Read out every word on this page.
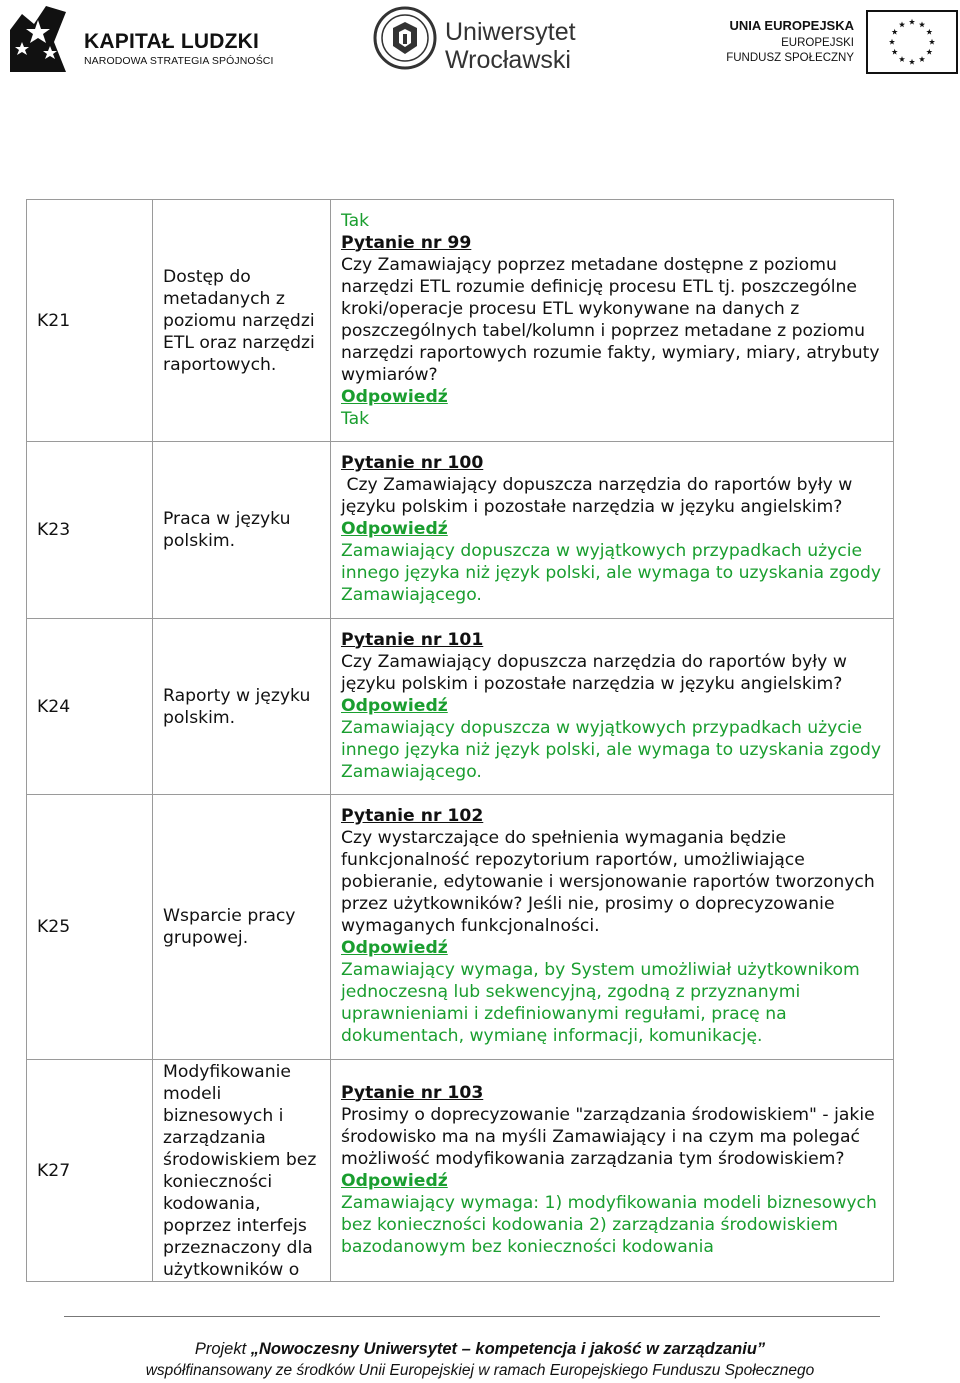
KAPITAŁ LUDZKI
NARODOWA STRATEGIA SPÓJNOŚCI
Uniwersytet
Wrocławski
UNIA EUROPEJSKA
EUROPEJSKI
FUNDUSZ SPOŁECZNY
K21	Dostęp do metadanych z poziomu narzędzi ETL oraz narzędzi raportowych.	Tak
Pytanie nr 99
Czy Zamawiający poprzez metadane dostępne z poziomu narzędzi ETL rozumie definicję procesu ETL tj. poszczególne kroki/operacje procesu ETL wykonywane na danych z poszczególnych tabel/kolumn i poprzez metadane z poziomu narzędzi raportowych rozumie fakty, wymiary, miary, atrybuty wymiarów?
Odpowiedź
Tak

K23	Praca w języku polskim.	Pytanie nr 100
Czy Zamawiający dopuszcza narzędzia do raportów były w języku polskim i pozostałe narzędzia w języku angielskim?
Odpowiedź
Zamawiający dopuszcza w wyjątkowych przypadkach użycie innego języka niż język polski, ale wymaga to uzyskania zgody Zamawiającego.

K24	Raporty w języku polskim.	Pytanie nr 101
Czy Zamawiający dopuszcza narzędzia do raportów były w języku polskim i pozostałe narzędzia w języku angielskim?
Odpowiedź
Zamawiający dopuszcza w wyjątkowych przypadkach użycie innego języka niż język polski, ale wymaga to uzyskania zgody Zamawiającego.

K25	Wsparcie pracy grupowej.	Pytanie nr 102
Czy wystarczające do spełnienia wymagania będzie funkcjonalność repozytorium raportów, umożliwiające pobieranie, edytowanie i wersjonowanie raportów tworzonych przez użytkowników? Jeśli nie, prosimy o doprecyzowanie wymaganych funkcjonalności.
Odpowiedź
Zamawiający wymaga, by System umożliwiał użytkownikom jednoczesną lub sekwencyjną, zgodną z przyznanymi uprawnieniami i zdefiniowanymi regułami, pracę na dokumentach, wymianę informacji, komunikację.

K27	Modyfikowanie modeli biznesowych i zarządzania środowiskiem bez konieczności kodowania, poprzez interfejs przeznaczony dla użytkowników o	Pytanie nr 103
Prosimy o doprecyzowanie "zarządzania środowiskiem" - jakie środowisko ma na myśli Zamawiający i na czym ma polegać możliwość modyfikowania zarządzania tym środowiskiem?
Odpowiedź
Zamawiający wymaga: 1) modyfikowania modeli biznesowych bez konieczności kodowania 2) zarządzania środowiskiem bazodanowym bez konieczności kodowania
Projekt „Nowoczesny Uniwersytet – kompetencja i jakość w zarządzaniu”
współfinansowany ze środków Unii Europejskiej w ramach Europejskiego Funduszu Społecznego
